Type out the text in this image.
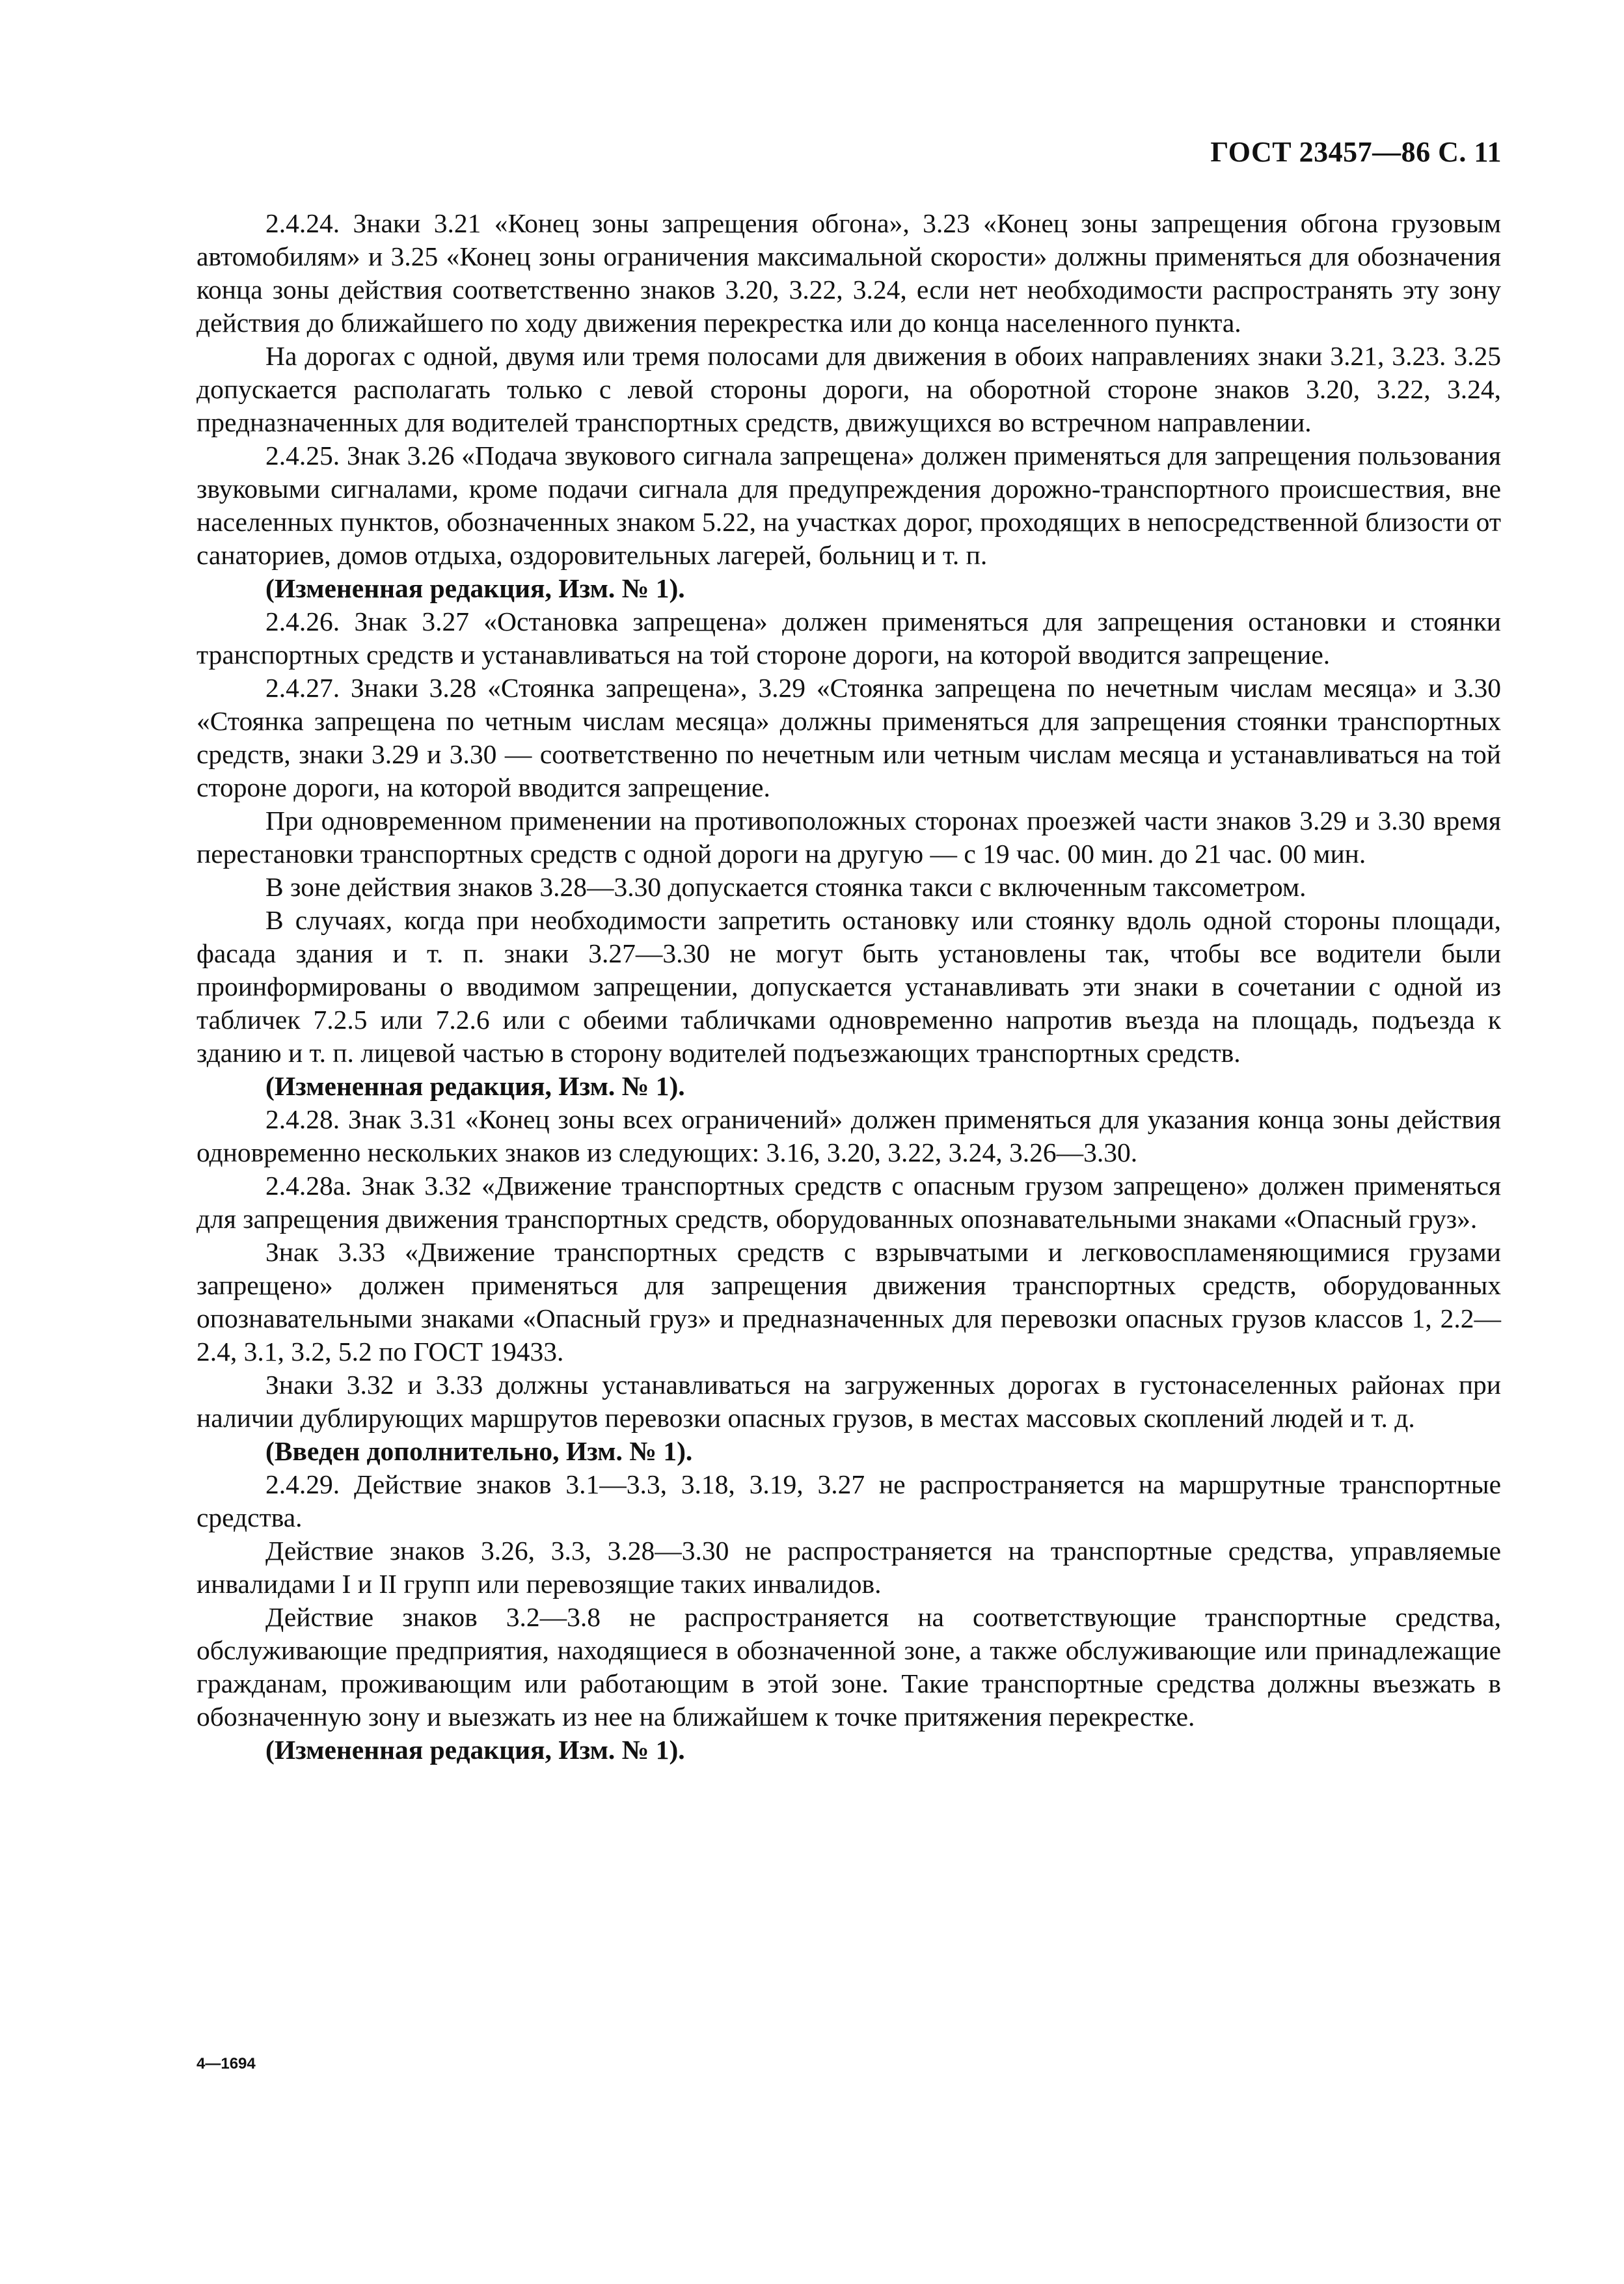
ГОСТ 23457—86 С. 11

2.4.24. Знаки 3.21 «Конец зоны запрещения обгона», 3.23 «Конец зоны запрещения обгона грузовым автомобилям» и 3.25 «Конец зоны ограничения максимальной скорости» должны применяться для обозначения конца зоны действия соответственно знаков 3.20, 3.22, 3.24, если нет необходимости распространять эту зону действия до ближайшего по ходу движения перекрестка или до конца населенного пункта.

На дорогах с одной, двумя или тремя полосами для движения в обоих направлениях знаки 3.21, 3.23. 3.25 допускается располагать только с левой стороны дороги, на оборотной стороне знаков 3.20, 3.22, 3.24, предназначенных для водителей транспортных средств, движущихся во встречном направлении.

2.4.25. Знак 3.26 «Подача звукового сигнала запрещена» должен применяться для запрещения пользования звуковыми сигналами, кроме подачи сигнала для предупреждения дорожно-транспортного происшествия, вне населенных пунктов, обозначенных знаком 5.22, на участках дорог, проходящих в непосредственной близости от санаториев, домов отдыха, оздоровительных лагерей, больниц и т. п.

(Измененная редакция, Изм. № 1).

2.4.26. Знак 3.27 «Остановка запрещена» должен применяться для запрещения остановки и стоянки транспортных средств и устанавливаться на той стороне дороги, на которой вводится запрещение.

2.4.27. Знаки 3.28 «Стоянка запрещена», 3.29 «Стоянка запрещена по нечетным числам месяца» и 3.30 «Стоянка запрещена по четным числам месяца» должны применяться для запрещения стоянки транспортных средств, знаки 3.29 и 3.30 — соответственно по нечетным или четным числам месяца и устанавливаться на той стороне дороги, на которой вводится запрещение.

При одновременном применении на противоположных сторонах проезжей части знаков 3.29 и 3.30 время перестановки транспортных средств с одной дороги на другую — с 19 час. 00 мин. до 21 час. 00 мин.

В зоне действия знаков 3.28—3.30 допускается стоянка такси с включенным таксометром.

В случаях, когда при необходимости запретить остановку или стоянку вдоль одной стороны площади, фасада здания и т. п. знаки 3.27—3.30 не могут быть установлены так, чтобы все водители были проинформированы о вводимом запрещении, допускается устанавливать эти знаки в сочетании с одной из табличек 7.2.5 или 7.2.6 или с обеими табличками одновременно напротив въезда на площадь, подъезда к зданию и т. п. лицевой частью в сторону водителей подъезжающих транспортных средств.

(Измененная редакция, Изм. № 1).

2.4.28. Знак 3.31 «Конец зоны всех ограничений» должен применяться для указания конца зоны действия одновременно нескольких знаков из следующих: 3.16, 3.20, 3.22, 3.24, 3.26—3.30.

2.4.28а. Знак 3.32 «Движение транспортных средств с опасным грузом запрещено» должен применяться для запрещения движения транспортных средств, оборудованных опознавательными знаками «Опасный груз».

Знак 3.33 «Движение транспортных средств с взрывчатыми и легковоспламеняющимися грузами запрещено» должен применяться для запрещения движения транспортных средств, оборудованных опознавательными знаками «Опасный груз» и предназначенных для перевозки опасных грузов классов 1, 2.2—2.4, 3.1, 3.2, 5.2 по ГОСТ 19433.

Знаки 3.32 и 3.33 должны устанавливаться на загруженных дорогах в густонаселенных районах при наличии дублирующих маршрутов перевозки опасных грузов, в местах массовых скоплений людей и т. д.

(Введен дополнительно, Изм. № 1).

2.4.29. Действие знаков 3.1—3.3, 3.18, 3.19, 3.27 не распространяется на маршрутные транспортные средства.

Действие знаков 3.26, 3.3, 3.28—3.30 не распространяется на транспортные средства, управляемые инвалидами I и II групп или перевозящие таких инвалидов.

Действие знаков 3.2—3.8 не распространяется на соответствующие транспортные средства, обслуживающие предприятия, находящиеся в обозначенной зоне, а также обслуживающие или принадлежащие гражданам, проживающим или работающим в этой зоне. Такие транспортные средства должны въезжать в обозначенную зону и выезжать из нее на ближайшем к точке притяжения перекрестке.

(Измененная редакция, Изм. № 1).

4—1694
